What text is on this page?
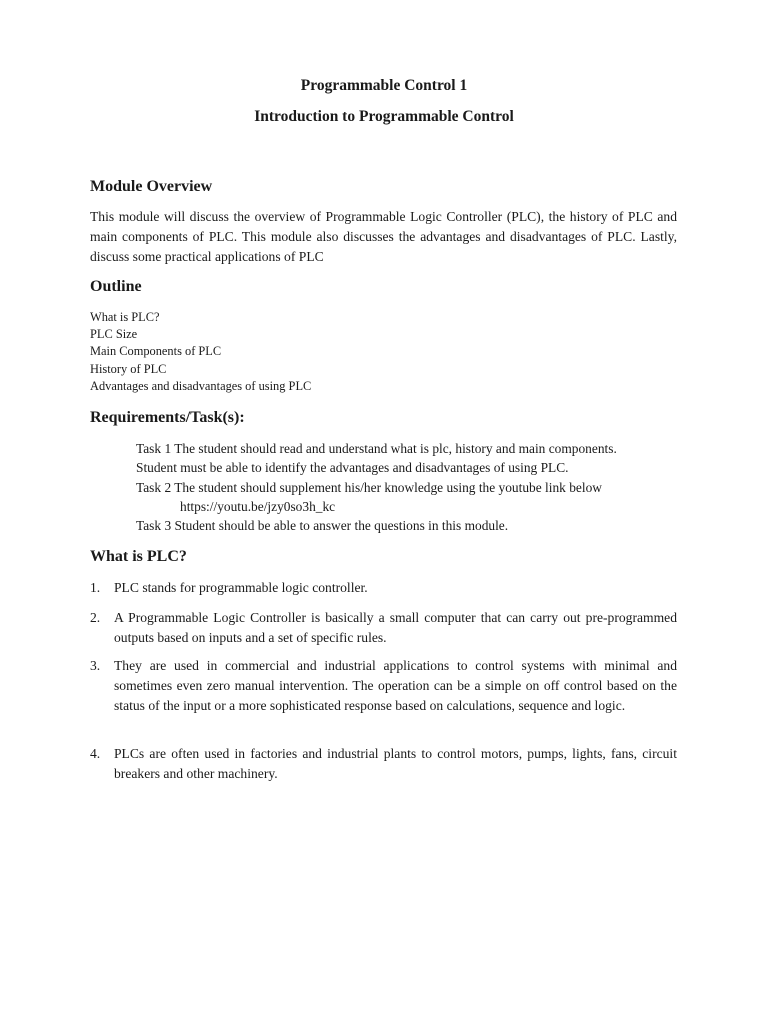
Programmable Control 1
Introduction to Programmable Control
Module Overview
This module will discuss the overview of Programmable Logic Controller (PLC), the history of PLC and main components of PLC. This module also discusses the advantages and disadvantages of PLC. Lastly, discuss some practical applications of PLC
Outline
What is PLC?
PLC Size
Main Components of PLC
History of PLC
Advantages and disadvantages of using PLC
Requirements/Task(s):
Task 1 The student should read and understand what is plc, history and main components.
Student must be able to identify the advantages and disadvantages of using PLC.
Task 2 The student should supplement his/her knowledge using the youtube link below
https://youtu.be/jzy0so3h_kc
Task 3 Student should be able to answer the questions in this module.
What is PLC?
1. PLC stands for programmable logic controller.
2. A Programmable Logic Controller is basically a small computer that can carry out pre-programmed outputs based on inputs and a set of specific rules.
3. They are used in commercial and industrial applications to control systems with minimal and sometimes even zero manual intervention. The operation can be a simple on off control based on the status of the input or a more sophisticated response based on calculations, sequence and logic.
4. PLCs are often used in factories and industrial plants to control motors, pumps, lights, fans, circuit breakers and other machinery.
